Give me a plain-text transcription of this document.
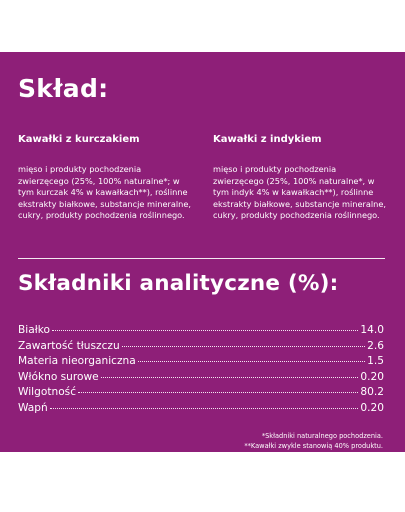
Skład:
Kawałki z kurczakiem
mięso i produkty pochodzenia zwierzęcego (25%, 100% naturalne*; w tym kurczak 4% w kawałkach**), roślinne ekstrakty białkowe, substancje mineralne, cukry, produkty pochodzenia roślinnego.
Kawałki z indykiem
mięso i produkty pochodzenia zwierzęcego (25%, 100% naturalne*, w tym indyk 4% w kawałkach**), roślinne ekstrakty białkowe, substancje mineralne, cukry, produkty pochodzenia roślinnego.
Składniki analityczne (%):
Białko	14.0
Zawartość tłuszczu	2.6
Materia nieorganiczna	1.5
Włókno surowe	0.20
Wilgotność	80.2
Wapń	0.20
*Składniki naturalnego pochodzenia.
**Kawałki zwykle stanowią 40% produktu.
